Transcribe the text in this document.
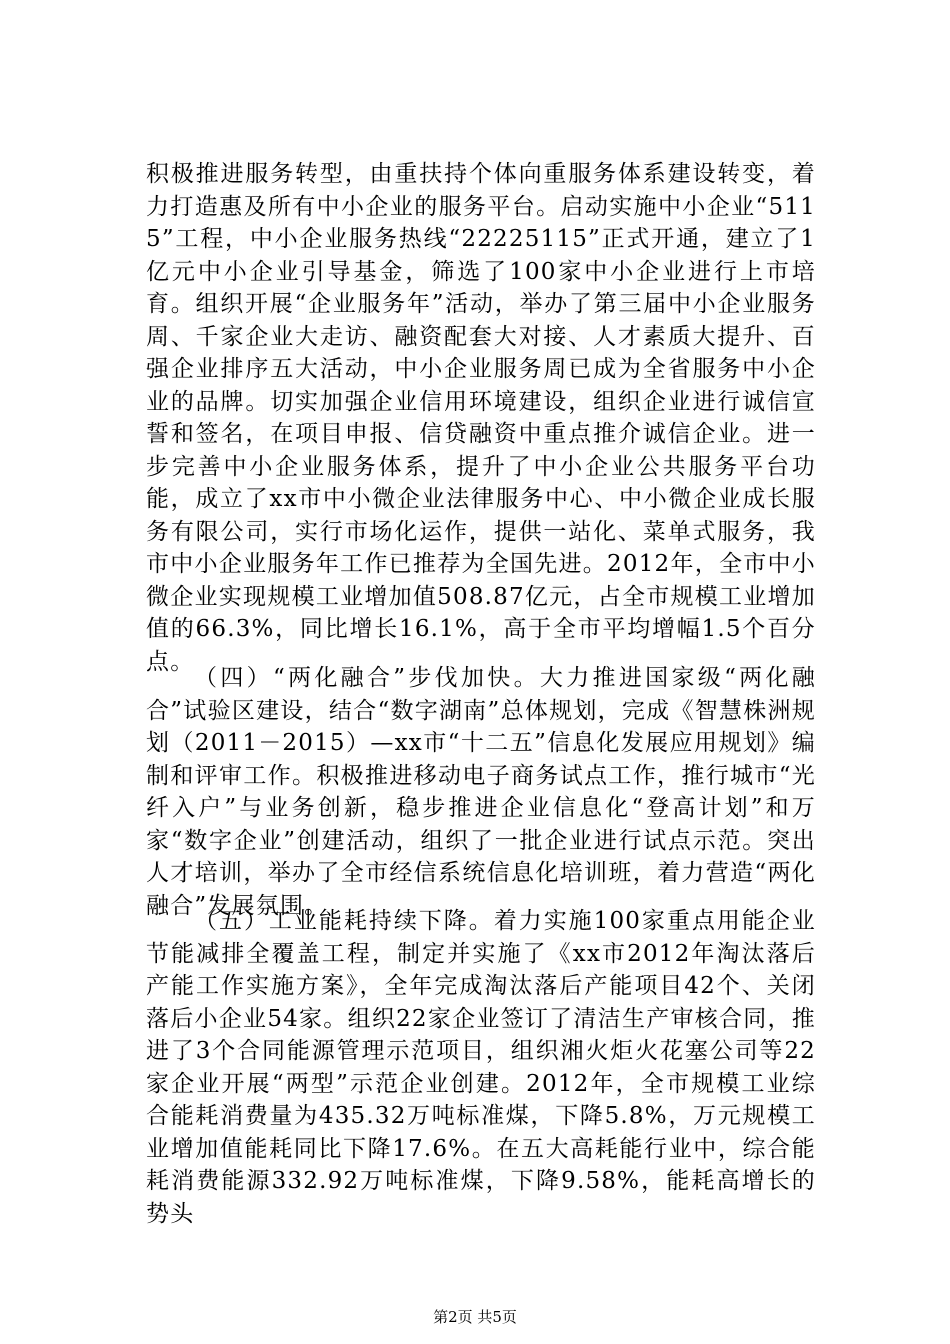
积极推进服务转型，由重扶持个体向重服务体系建设转变，着力打造惠及所有中小企业的服务平台。启动实施中小企业“5115”工程，中小企业服务热线“22225115”正式开通，建立了1亿元中小企业引导基金，筛选了100家中小企业进行上市培育。组织开展“企业服务年”活动，举办了第三届中小企业服务周、千家企业大走访、融资配套大对接、人才素质大提升、百强企业排序五大活动，中小企业服务周已成为全省服务中小企业的品牌。切实加强企业信用环境建设，组织企业进行诚信宣誓和签名，在项目申报、信贷融资中重点推介诚信企业。进一步完善中小企业服务体系，提升了中小企业公共服务平台功能，成立了xx市中小微企业法律服务中心、中小微企业成长服务有限公司，实行市场化运作，提供一站化、菜单式服务，我市中小企业服务年工作已推荐为全国先进。2012年，全市中小微企业实现规模工业增加值508.87亿元，占全市规模工业增加值的66.3%，同比增长16.1%，高于全市平均增幅1.5个百分点。

（四）“两化融合”步伐加快。大力推进国家级“两化融合”试验区建设，结合“数字湖南”总体规划，完成《智慧株洲规划（2011－2015）—xx市“十二五”信息化发展应用规划》编制和评审工作。积极推进移动电子商务试点工作，推行城市“光纤入户”与业务创新，稳步推进企业信息化“登高计划”和万家“数字企业”创建活动，组织了一批企业进行试点示范。突出人才培训，举办了全市经信系统信息化培训班，着力营造“两化融合”发展氛围。

（五）工业能耗持续下降。着力实施100家重点用能企业节能减排全覆盖工程，制定并实施了《xx市2012年淘汰落后产能工作实施方案》，全年完成淘汰落后产能项目42个、关闭落后小企业54家。组织22家企业签订了清洁生产审核合同，推进了3个合同能源管理示范项目，组织湘火炬火花塞公司等22家企业开展“两型”示范企业创建。2012年，全市规模工业综合能耗消费量为435.32万吨标准煤，下降5.8%，万元规模工业增加值能耗同比下降17.6%。在五大高耗能行业中，综合能耗消费能源332.92万吨标准煤，下降9.58%，能耗高增长的势头

第2页 共5页
